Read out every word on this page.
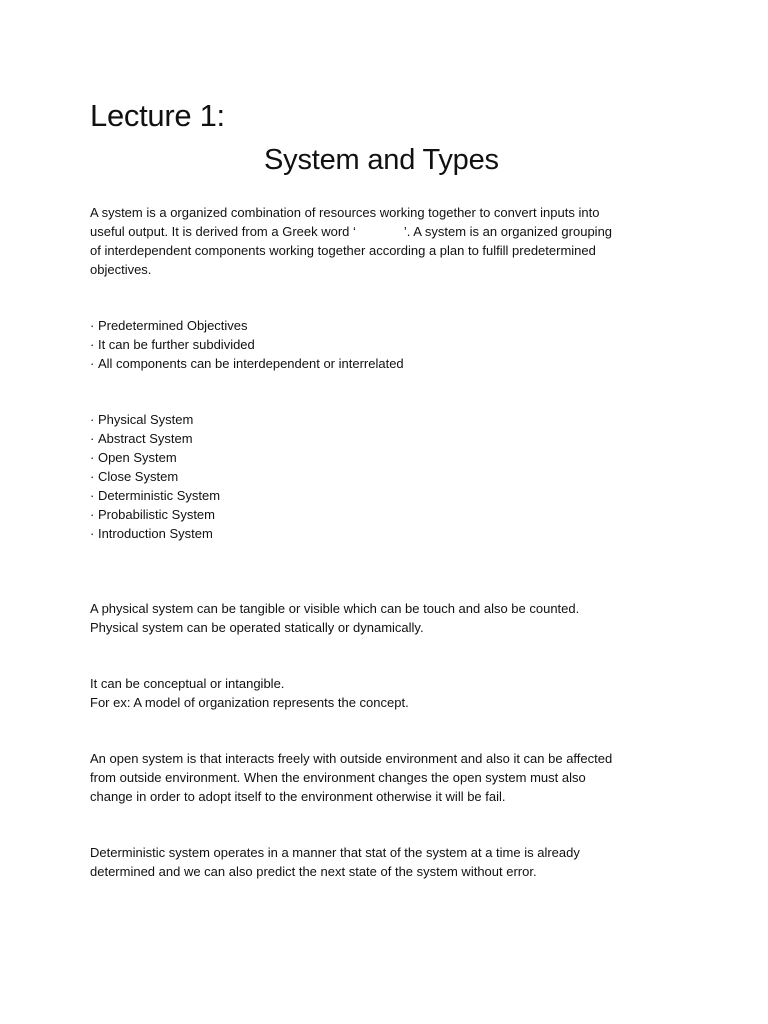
Lecture 1:
System and Types

A system is a organized combination of resources working together to convert inputs into useful output. It is derived from a Greek word ‘	’. A system is an organized grouping of interdependent components working together according a plan to fulfill predetermined objectives.

· Predetermined Objectives
· It can be further subdivided
· All components can be interdependent or interrelated
· Physical System
· Abstract System
· Open System
· Close System
· Deterministic System
· Probabilistic System
· Introduction System

A physical system can be tangible or visible which can be touch and also be counted. Physical system can be operated statically or dynamically.

It can be conceptual or intangible.

For ex: A model of organization represents the concept.

An open system is that interacts freely with outside environment and also it can be affected from outside environment. When the environment changes the open system must also change in order to adopt itself to the environment otherwise it will be fail.

Deterministic system operates in a manner that stat of the system at a time is already determined and we can also predict the next state of the system without error.
